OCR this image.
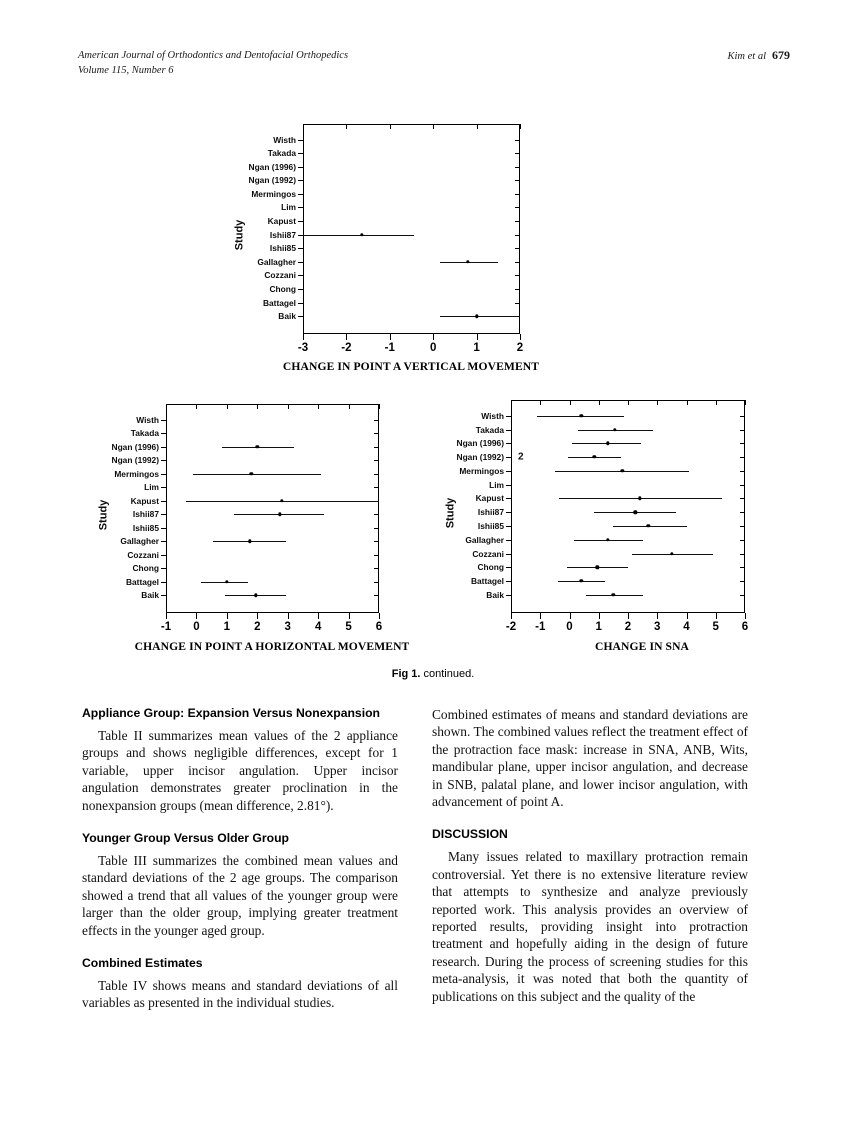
American Journal of Orthodontics and Dentofacial Orthopedics
Volume 115, Number 6
Kim et al 679
Wisth
Takada
Ngan (1996)
Ngan (1992)
Mermingos
Lim
Kapust
Ishii87
Ishii85
Gallagher
Cozzani
Chong
Battagel
Baik
-3	-2	-1	0	1	2
CHANGE IN POINT A VERTICAL MOVEMENT
Study
Wisth
Takada
Ngan (1996)
Ngan (1992)
Mermingos
Lim
Kapust
Ishii87
Ishii85
Gallagher
Cozzani
Chong
Battagel
Baik
-1 0 1 2 3 4 5 6
CHANGE IN POINT A HORIZONTAL MOVEMENT
Study
Wisth
Takada
Ngan (1996)
Ngan (1992)
Mermingos
Lim
Kapust
Ishii87
Ishii85
Gallagher
Cozzani
Chong
Battagel
Baik
-2 -1 0 1 2 3 4 5 6
CHANGE IN SNA
Study
2
Fig 1. continued.
Appliance Group: Expansion Versus Nonexpansion

Table II summarizes mean values of the 2 appliance groups and shows negligible differences, except for 1 variable, upper incisor angulation. Upper incisor angulation demonstrates greater proclination in the nonexpansion groups (mean difference, 2.81°).

Younger Group Versus Older Group

Table III summarizes the combined mean values and standard deviations of the 2 age groups. The comparison showed a trend that all values of the younger group were larger than the older group, implying greater treatment effects in the younger aged group.

Combined Estimates

Table IV shows means and standard deviations of all variables as presented in the individual studies.

Combined estimates of means and standard deviations are shown. The combined values reflect the treatment effect of the protraction face mask: increase in SNA, ANB, Wits, mandibular plane, upper incisor angulation, and decrease in SNB, palatal plane, and lower incisor angulation, with advancement of point A.

DISCUSSION

Many issues related to maxillary protraction remain controversial. Yet there is no extensive literature review that attempts to synthesize and analyze previously reported work. This analysis provides an overview of reported results, providing insight into protraction treatment and hopefully aiding in the design of future research. During the process of screening studies for this meta-analysis, it was noted that both the quantity of publications on this subject and the quality of the
